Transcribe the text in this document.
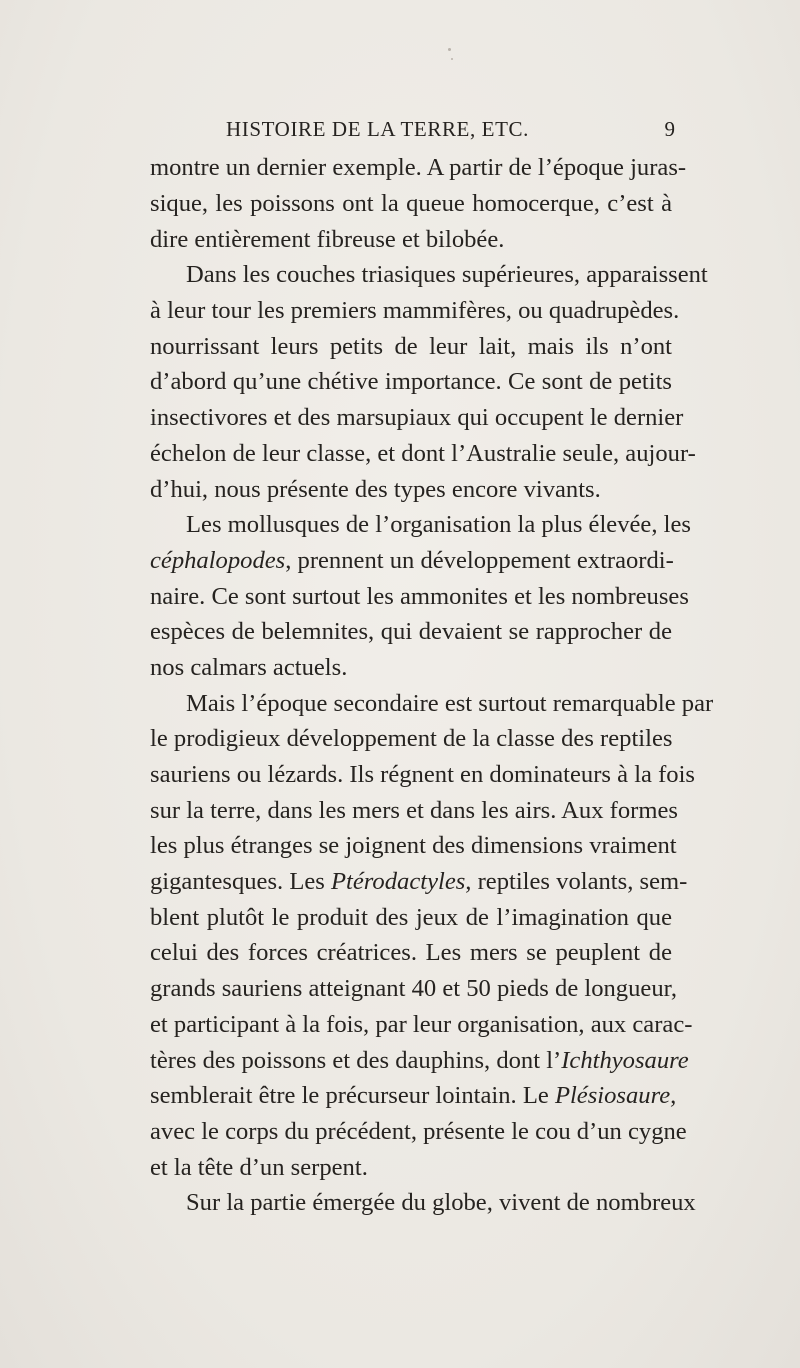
HISTOIRE DE LA TERRE, ETC.	9
montre un dernier exemple. A partir de l’époque juras-
sique, les poissons ont la queue homocerque, c’est à
dire entièrement fibreuse et bilobée.
Dans les couches triasiques supérieures, apparaissent
à leur tour les premiers mammifères, ou quadrupèdes.
nourrissant leurs petits de leur lait, mais ils n’ont
d’abord qu’une chétive importance. Ce sont de petits
insectivores et des marsupiaux qui occupent le dernier
échelon de leur classe, et dont l’Australie seule, aujour-
d’hui, nous présente des types encore vivants.
Les mollusques de l’organisation la plus élevée, les
céphalopodes, prennent un développement extraordi-
naire. Ce sont surtout les ammonites et les nombreuses
espèces de belemnites, qui devaient se rapprocher de
nos calmars actuels.
Mais l’époque secondaire est surtout remarquable par
le prodigieux développement de la classe des reptiles
sauriens ou lézards. Ils régnent en dominateurs à la fois
sur la terre, dans les mers et dans les airs. Aux formes
les plus étranges se joignent des dimensions vraiment
gigantesques. Les Ptérodactyles, reptiles volants, sem-
blent plutôt le produit des jeux de l’imagination que
celui des forces créatrices. Les mers se peuplent de
grands sauriens atteignant 40 et 50 pieds de longueur,
et participant à la fois, par leur organisation, aux carac-
tères des poissons et des dauphins, dont l’Ichthyosaure
semblerait être le précurseur lointain. Le Plésiosaure,
avec le corps du précédent, présente le cou d’un cygne
et la tête d’un serpent.
Sur la partie émergée du globe, vivent de nombreux
